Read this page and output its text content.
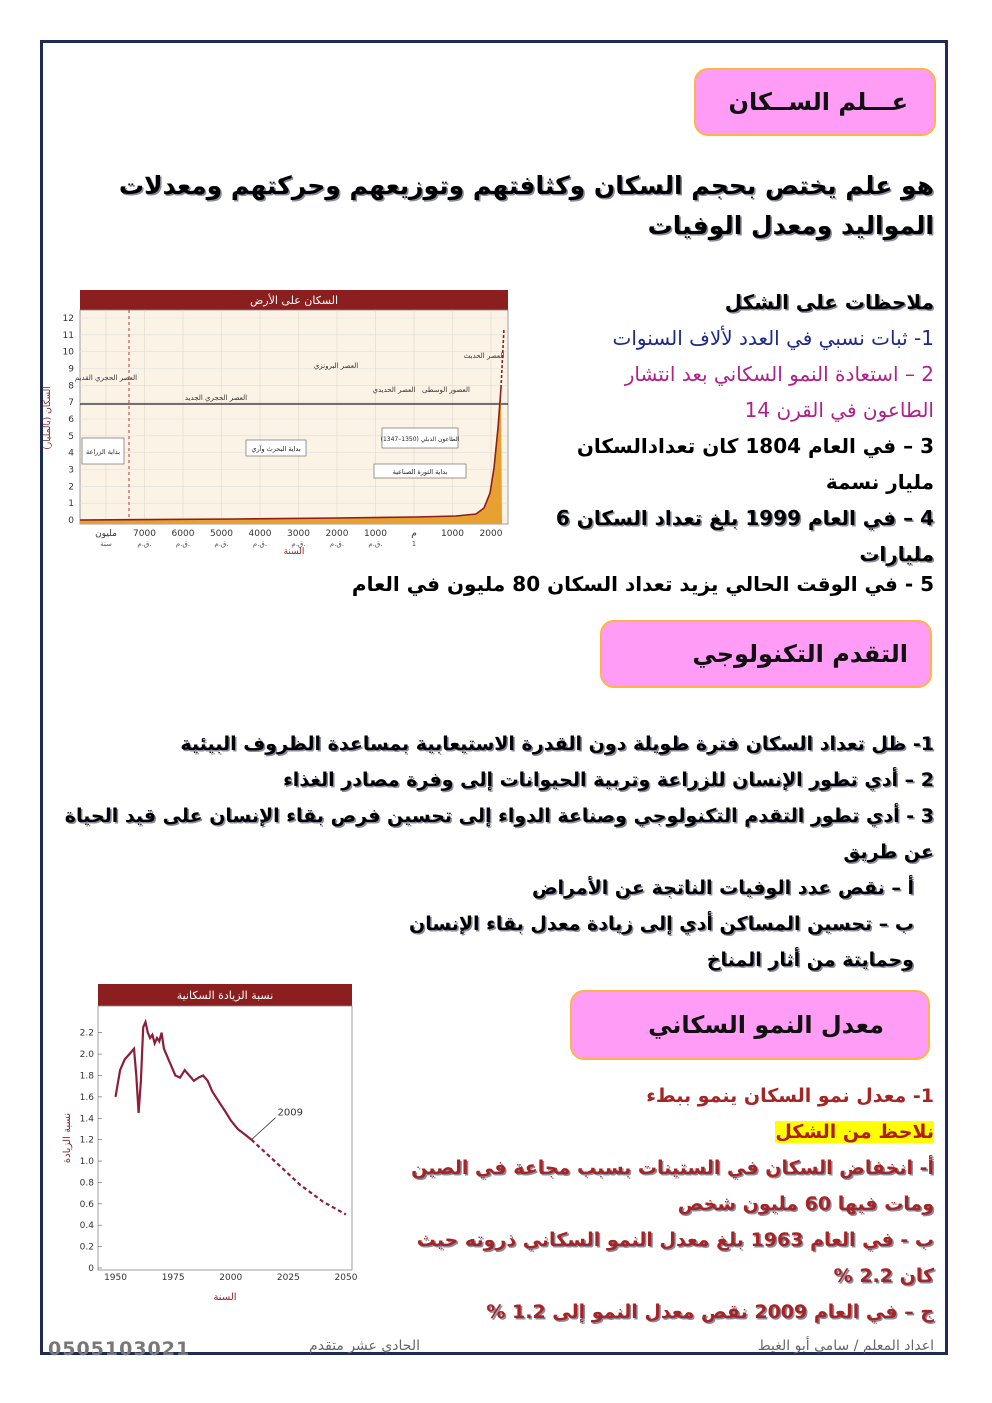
عـــلم الســكان
هو علم يختص بحجم السكان وكثافتهم وتوزيعهم وحركتهم ومعدلات
المواليد ومعدل الوفيات
ملاحظات على الشكل
1- ثبات نسبي في العدد لألاف السنوات
2 – استعادة النمو السكاني بعد انتشار
الطاعون في القرن 14
3 – في العام 1804 كان تعدادالسكان
مليار نسمة
4 – في العام 1999 بلغ تعداد السكان 6
مليارات
5 - في الوقت الحالي يزيد تعداد السكان 80 مليون في العام
السكان على الأرض
0
1
2
3
4
5
6
7
8
9
10
11
12
العصر الحجري القديم
العصر الحجري الجديد
العصر البرونزي
العصر الحديدي العصور الوسطى
العصر الحديث
بداية الزراعة	بداية البحرث وآري
الطاعون الدبلي (1350–1347)
بداية الثورة الصناعية
السكان (بالمليار)
السنة
مليون
سنة
7000
ق.م.
6000
ق.م.
5000
ق.م.
4000
ق.م.
3000
ق.م.
2000
ق.م.
1000
ق.م.
م
1
1000 2000
التقدم التكنولوجي
1- ظل تعداد السكان فترة طويلة دون القدرة الاستيعابية بمساعدة الظروف البيئية
2 – أدي تطور الإنسان للزراعة وتربية الحيوانات إلى وفرة مصادر الغذاء
3 - أدي تطور التقدم التكنولوجي وصناعة الدواء إلى تحسين فرص بقاء الإنسان على قيد الحياة
عن طريق
أ – نقص عدد الوفيات الناتجة عن الأمراض
ب – تحسين المساكن أدي إلى زيادة معدل بقاء الإنسان
وحمايتة من أثار المناخ
معدل النمو السكاني
نسبة الزيادة السكانية
0
0.2
0.4
0.6
0.8
1.0
1.2
1.4
1.6
1.8
2.0
2.2
1950	1975	2000	2025	2050
2009
نسبة الزيادة
السنة
1- معدل نمو السكان ينمو ببطء
نلاحظ من الشكل
أ- انخفاض السكان في الستينات بسبب مجاعة في الصين
ومات فيها 60 مليون شخص
ب - في العام 1963 بلغ معدل النمو السكاني ذروته حيث
كان 2.2 %
ج – في العام 2009 نقص معدل النمو إلى 1.2 %
0505103021	الحادي عشر متقدم	اعداد المعلم / سامي أبو الغيط
